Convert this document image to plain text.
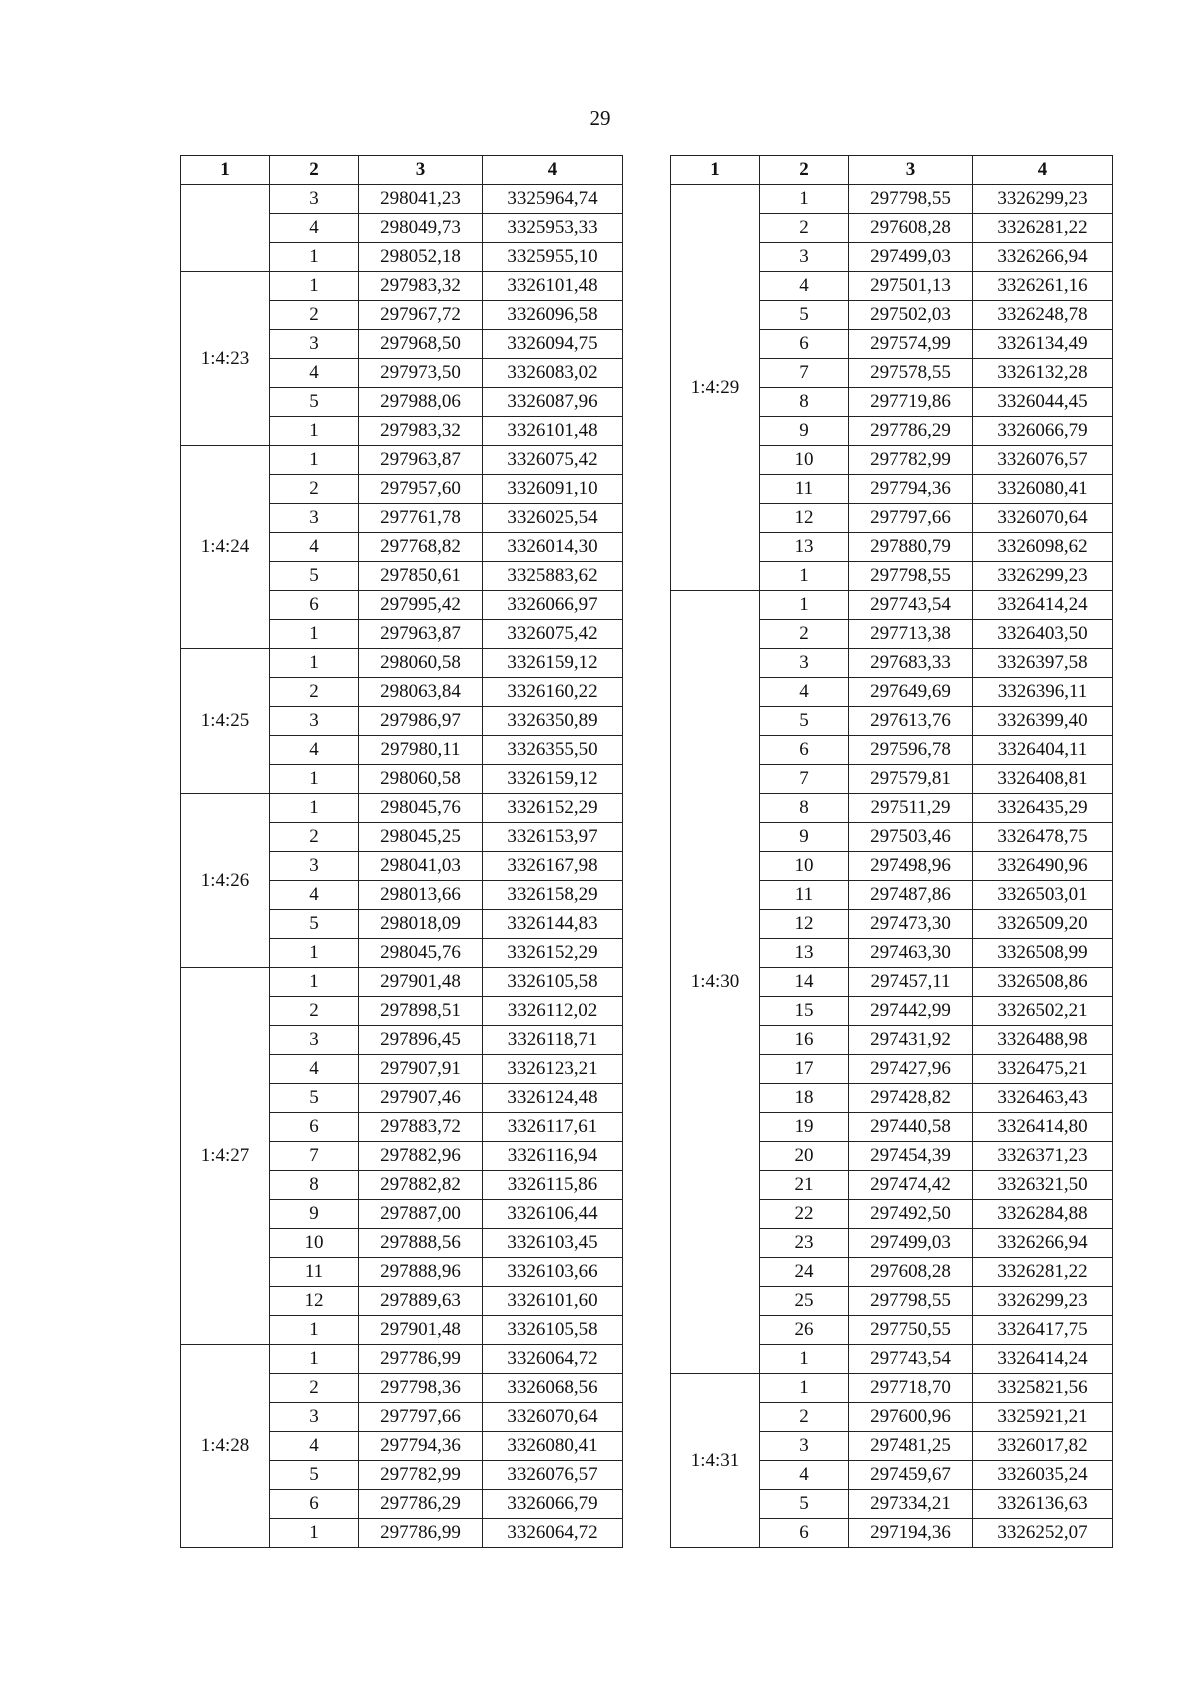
29
1	2	3	4
	3	298041,23	3325964,74
	4	298049,73	3325953,33
	1	298052,18	3325955,10
1:4:23	1	297983,32	3326101,48
	2	297967,72	3326096,58
	3	297968,50	3326094,75
	4	297973,50	3326083,02
	5	297988,06	3326087,96
	1	297983,32	3326101,48
1:4:24	1	297963,87	3326075,42
	2	297957,60	3326091,10
	3	297761,78	3326025,54
	4	297768,82	3326014,30
	5	297850,61	3325883,62
	6	297995,42	3326066,97
	1	297963,87	3326075,42
1:4:25	1	298060,58	3326159,12
	2	298063,84	3326160,22
	3	297986,97	3326350,89
	4	297980,11	3326355,50
	1	298060,58	3326159,12
1:4:26	1	298045,76	3326152,29
	2	298045,25	3326153,97
	3	298041,03	3326167,98
	4	298013,66	3326158,29
	5	298018,09	3326144,83
	1	298045,76	3326152,29
1:4:27	1	297901,48	3326105,58
	2	297898,51	3326112,02
	3	297896,45	3326118,71
	4	297907,91	3326123,21
	5	297907,46	3326124,48
	6	297883,72	3326117,61
	7	297882,96	3326116,94
	8	297882,82	3326115,86
	9	297887,00	3326106,44
	10	297888,56	3326103,45
	11	297888,96	3326103,66
	12	297889,63	3326101,60
	1	297901,48	3326105,58
1:4:28	1	297786,99	3326064,72
	2	297798,36	3326068,56
	3	297797,66	3326070,64
	4	297794,36	3326080,41
	5	297782,99	3326076,57
	6	297786,29	3326066,79
	1	297786,99	3326064,72
1	2	3	4
1:4:29	1	297798,55	3326299,23
	2	297608,28	3326281,22
	3	297499,03	3326266,94
	4	297501,13	3326261,16
	5	297502,03	3326248,78
	6	297574,99	3326134,49
	7	297578,55	3326132,28
	8	297719,86	3326044,45
	9	297786,29	3326066,79
	10	297782,99	3326076,57
	11	297794,36	3326080,41
	12	297797,66	3326070,64
	13	297880,79	3326098,62
	1	297798,55	3326299,23
1:4:30	1	297743,54	3326414,24
	2	297713,38	3326403,50
	3	297683,33	3326397,58
	4	297649,69	3326396,11
	5	297613,76	3326399,40
	6	297596,78	3326404,11
	7	297579,81	3326408,81
	8	297511,29	3326435,29
	9	297503,46	3326478,75
	10	297498,96	3326490,96
	11	297487,86	3326503,01
	12	297473,30	3326509,20
	13	297463,30	3326508,99
	14	297457,11	3326508,86
	15	297442,99	3326502,21
	16	297431,92	3326488,98
	17	297427,96	3326475,21
	18	297428,82	3326463,43
	19	297440,58	3326414,80
	20	297454,39	3326371,23
	21	297474,42	3326321,50
	22	297492,50	3326284,88
	23	297499,03	3326266,94
	24	297608,28	3326281,22
	25	297798,55	3326299,23
	26	297750,55	3326417,75
	1	297743,54	3326414,24
1:4:31	1	297718,70	3325821,56
	2	297600,96	3325921,21
	3	297481,25	3326017,82
	4	297459,67	3326035,24
	5	297334,21	3326136,63
	6	297194,36	3326252,07
